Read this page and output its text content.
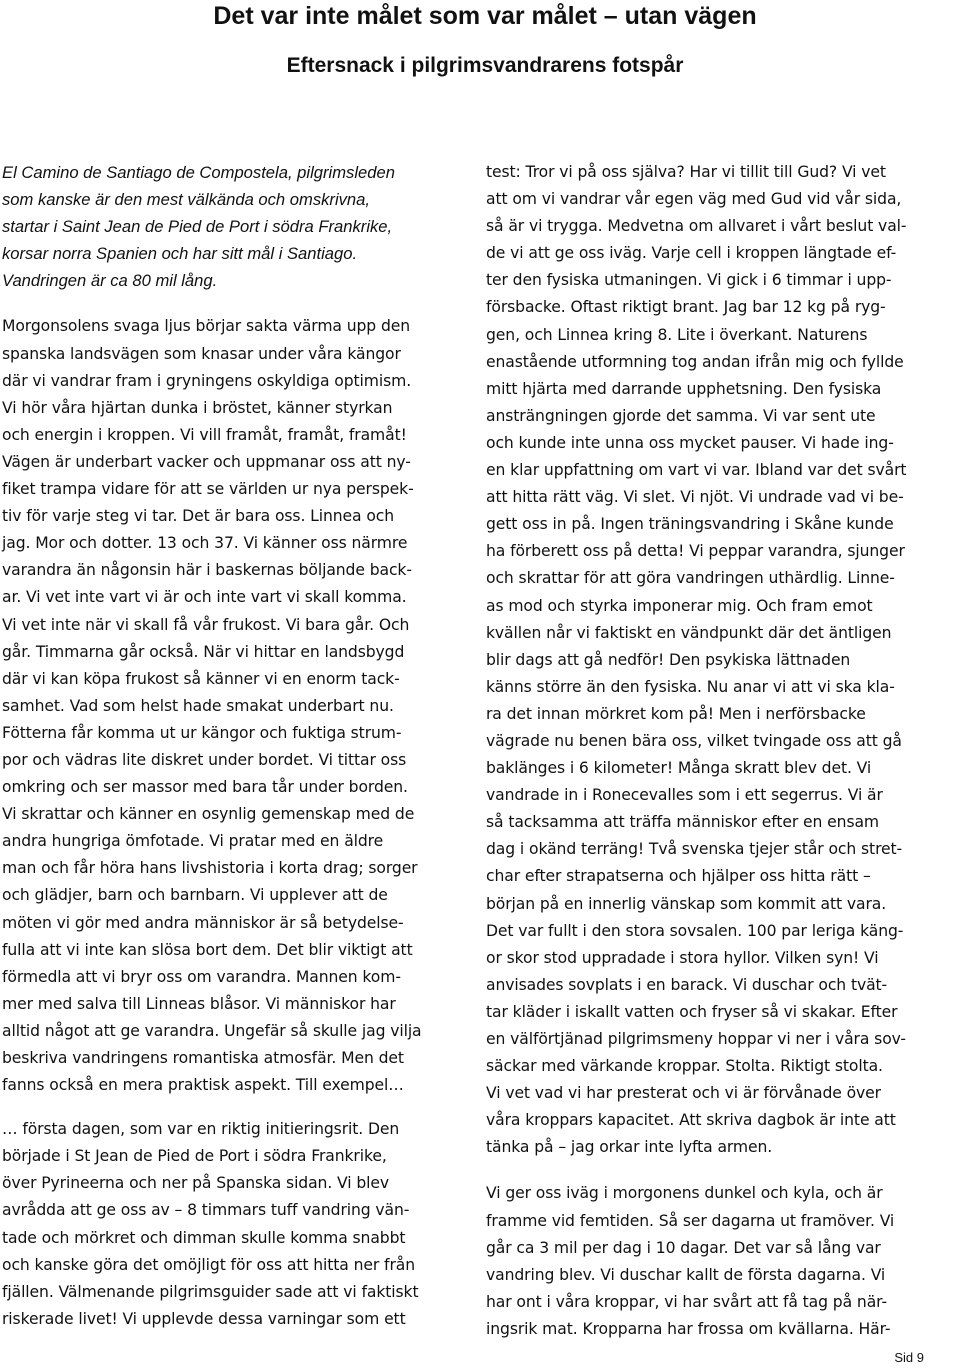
Det var inte målet som var målet – utan vägen
Eftersnack i pilgrimsvandrarens fotspår

El Camino de Santiago de Compostela, pilgrimsleden
som kanske är den mest välkända och omskrivna,
startar i Saint Jean de Pied de Port i södra Frankrike,
korsar norra Spanien och har sitt mål i Santiago.
Vandringen är ca 80 mil lång.

Morgonsolens svaga ljus börjar sakta värma upp den
spanska landsvägen som knasar under våra kängor
där vi vandrar fram i gryningens oskyldiga optimism.
Vi hör våra hjärtan dunka i bröstet, känner styrkan
och energin i kroppen. Vi vill framåt, framåt, framåt!
Vägen är underbart vacker och uppmanar oss att ny-
fiket trampa vidare för att se världen ur nya perspek-
tiv för varje steg vi tar. Det är bara oss. Linnea och
jag. Mor och dotter. 13 och 37. Vi känner oss närmre
varandra än någonsin här i baskernas böljande back-
ar. Vi vet inte vart vi är och inte vart vi skall komma.
Vi vet inte när vi skall få vår frukost. Vi bara går. Och
går. Timmarna går också. När vi hittar en landsbygd
där vi kan köpa frukost så känner vi en enorm tack-
samhet. Vad som helst hade smakat underbart nu.
Fötterna får komma ut ur kängor och fuktiga strum-
por och vädras lite diskret under bordet. Vi tittar oss
omkring och ser massor med bara tår under borden.
Vi skrattar och känner en osynlig gemenskap med de
andra hungriga ömfotade. Vi pratar med en äldre
man och får höra hans livshistoria i korta drag; sorger
och glädjer, barn och barnbarn. Vi upplever att de
möten vi gör med andra människor är så betydelse-
fulla att vi inte kan slösa bort dem. Det blir viktigt att
förmedla att vi bryr oss om varandra. Mannen kom-
mer med salva till Linneas blåsor. Vi människor har
alltid något att ge varandra. Ungefär så skulle jag vilja
beskriva vandringens romantiska atmosfär. Men det
fanns också en mera praktisk aspekt. Till exempel…

… första dagen, som var en riktig initieringsrit. Den
började i St Jean de Pied de Port i södra Frankrike,
över Pyrineerna och ner på Spanska sidan. Vi blev
avrådda att ge oss av – 8 timmars tuff vandring vän-
tade och mörkret och dimman skulle komma snabbt
och kanske göra det omöjligt för oss att hitta ner från
fjällen. Välmenande pilgrimsguider sade att vi faktiskt
riskerade livet! Vi upplevde dessa varningar som ett

test: Tror vi på oss själva? Har vi tillit till Gud? Vi vet
att om vi vandrar vår egen väg med Gud vid vår sida,
så är vi trygga. Medvetna om allvaret i vårt beslut val-
de vi att ge oss iväg. Varje cell i kroppen längtade ef-
ter den fysiska utmaningen. Vi gick i 6 timmar i upp-
försbacke. Oftast riktigt brant. Jag bar 12 kg på ryg-
gen, och Linnea kring 8. Lite i överkant. Naturens
enastående utformning tog andan ifrån mig och fyllde
mitt hjärta med darrande upphetsning. Den fysiska
ansträngningen gjorde det samma. Vi var sent ute
och kunde inte unna oss mycket pauser. Vi hade ing-
en klar uppfattning om vart vi var. Ibland var det svårt
att hitta rätt väg. Vi slet. Vi njöt. Vi undrade vad vi be-
gett oss in på. Ingen träningsvandring i Skåne kunde
ha förberett oss på detta! Vi peppar varandra, sjunger
och skrattar för att göra vandringen uthärdlig. Linne-
as mod och styrka imponerar mig. Och fram emot
kvällen når vi faktiskt en vändpunkt där det äntligen
blir dags att gå nedför! Den psykiska lättnaden
känns större än den fysiska. Nu anar vi att vi ska kla-
ra det innan mörkret kom på! Men i nerförsbacke
vägrade nu benen bära oss, vilket tvingade oss att gå
baklänges i 6 kilometer! Många skratt blev det. Vi
vandrade in i Ronecevalles som i ett segerrus. Vi är
så tacksamma att träffa människor efter en ensam
dag i okänd terräng! Två svenska tjejer står och stret-
char efter strapatserna och hjälper oss hitta rätt –
början på en innerlig vänskap som kommit att vara.
Det var fullt i den stora sovsalen. 100 par leriga käng-
or skor stod uppradade i stora hyllor. Vilken syn! Vi
anvisades sovplats i en barack. Vi duschar och tvät-
tar kläder i iskallt vatten och fryser så vi skakar. Efter
en välförtjänad pilgrimsmeny hoppar vi ner i våra sov-
säckar med värkande kroppar. Stolta. Riktigt stolta.
Vi vet vad vi har presterat och vi är förvånade över
våra kroppars kapacitet. Att skriva dagbok är inte att
tänka på – jag orkar inte lyfta armen.

Vi ger oss iväg i morgonens dunkel och kyla, och är
framme vid femtiden. Så ser dagarna ut framöver. Vi
går ca 3 mil per dag i 10 dagar. Det var så lång var
vandring blev. Vi duschar kallt de första dagarna. Vi
har ont i våra kroppar, vi har svårt att få tag på när-
ingsrik mat. Kropparna har frossa om kvällarna. Här-

Sid 9
